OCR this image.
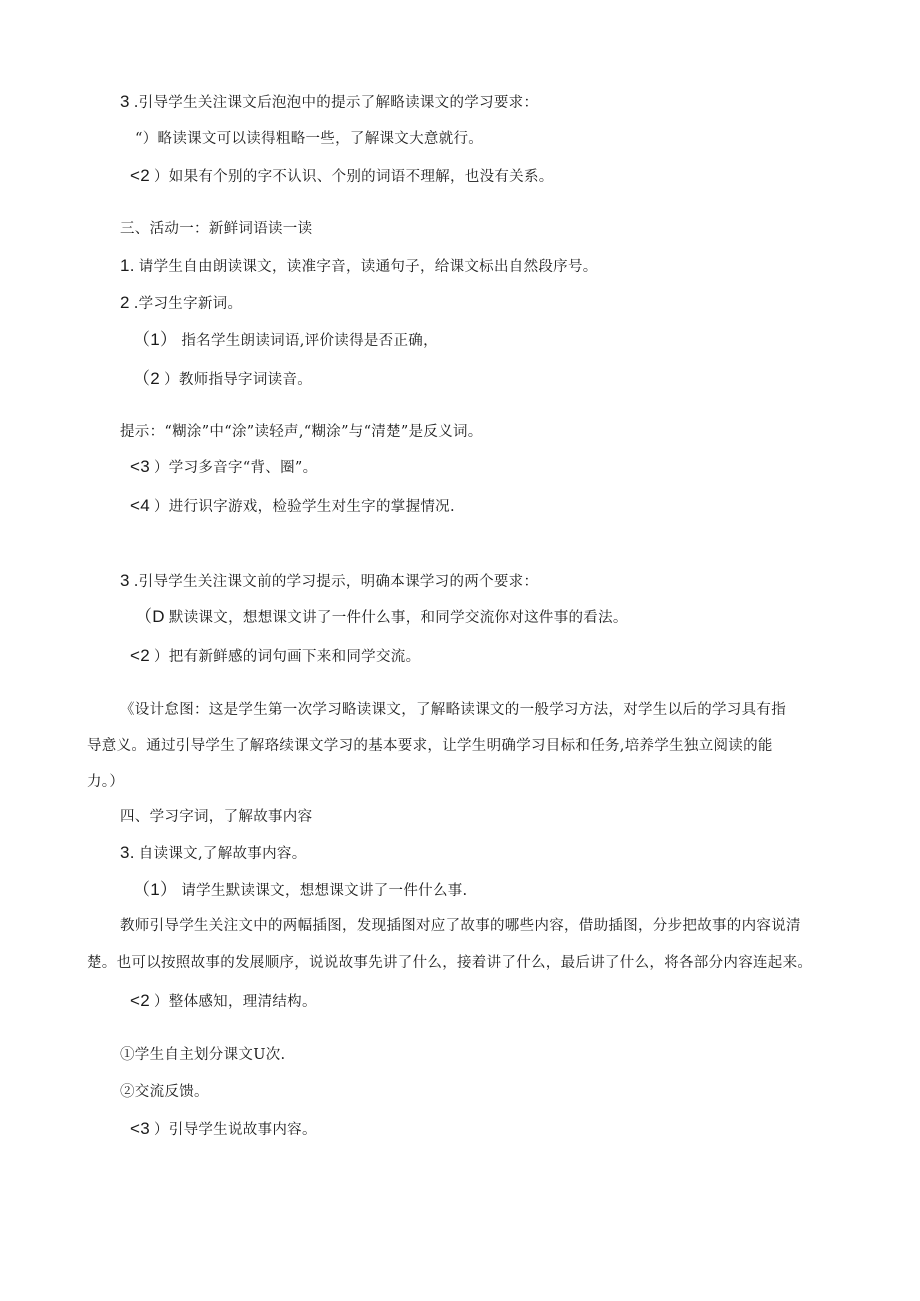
3 .引导学生关注课文后泡泡中的提示了解略读课文的学习要求：
“）略读课文可以读得粗略一些，了解课文大意就行。
<2 ）如果有个别的字不认识、个别的词语不理解，也没有关系。
三、活动一：新鲜词语读一读
1. 请学生自由朗读课文，读准字音，读通句子，给课文标出自然段序号。
2 .学习生字新词。
（1） 指名学生朗读词语,评价读得是否正确，
（2 ）教师指导字词读音。
提示：“糊涂”中“涂”读轻声,“糊涂”与“清楚”是反义词。
<3 ）学习多音字“背、圈”。
<4 ）进行识字游戏，检验学生对生字的掌握情况.
3 .引导学生关注课文前的学习提示，明确本课学习的两个要求：
（D 默读课文，想想课文讲了一件什么事，和同学交流你对这件事的看法。
<2 ）把有新鲜感的词句画下来和同学交流。
《设计怠图：这是学生第一次学习略读课文，了解略读课文的一般学习方法，对学生以后的学习具有指
导意义。通过引导学生了解珞续课文学习的基本要求，让学生明确学习目标和任务,培养学生独立阅读的能
力。）
四、学习字词，了解故事内容
3. 自读课文,了解故事内容。
（1） 请学生默读课文，想想课文讲了一件什么事.
教师引导学生关注文中的两幅插图，发现插图对应了故事的哪些内容，借助插图，分步把故事的内容说清
楚。也可以按照故事的发展顺序，说说故事先讲了什么，接着讲了什么，最后讲了什么，将各部分内容连起来。
<2 ）整体感知，理清结构。
①学生自主划分课文U次.
②交流反馈。
<3 ）引导学生说故事内容。
